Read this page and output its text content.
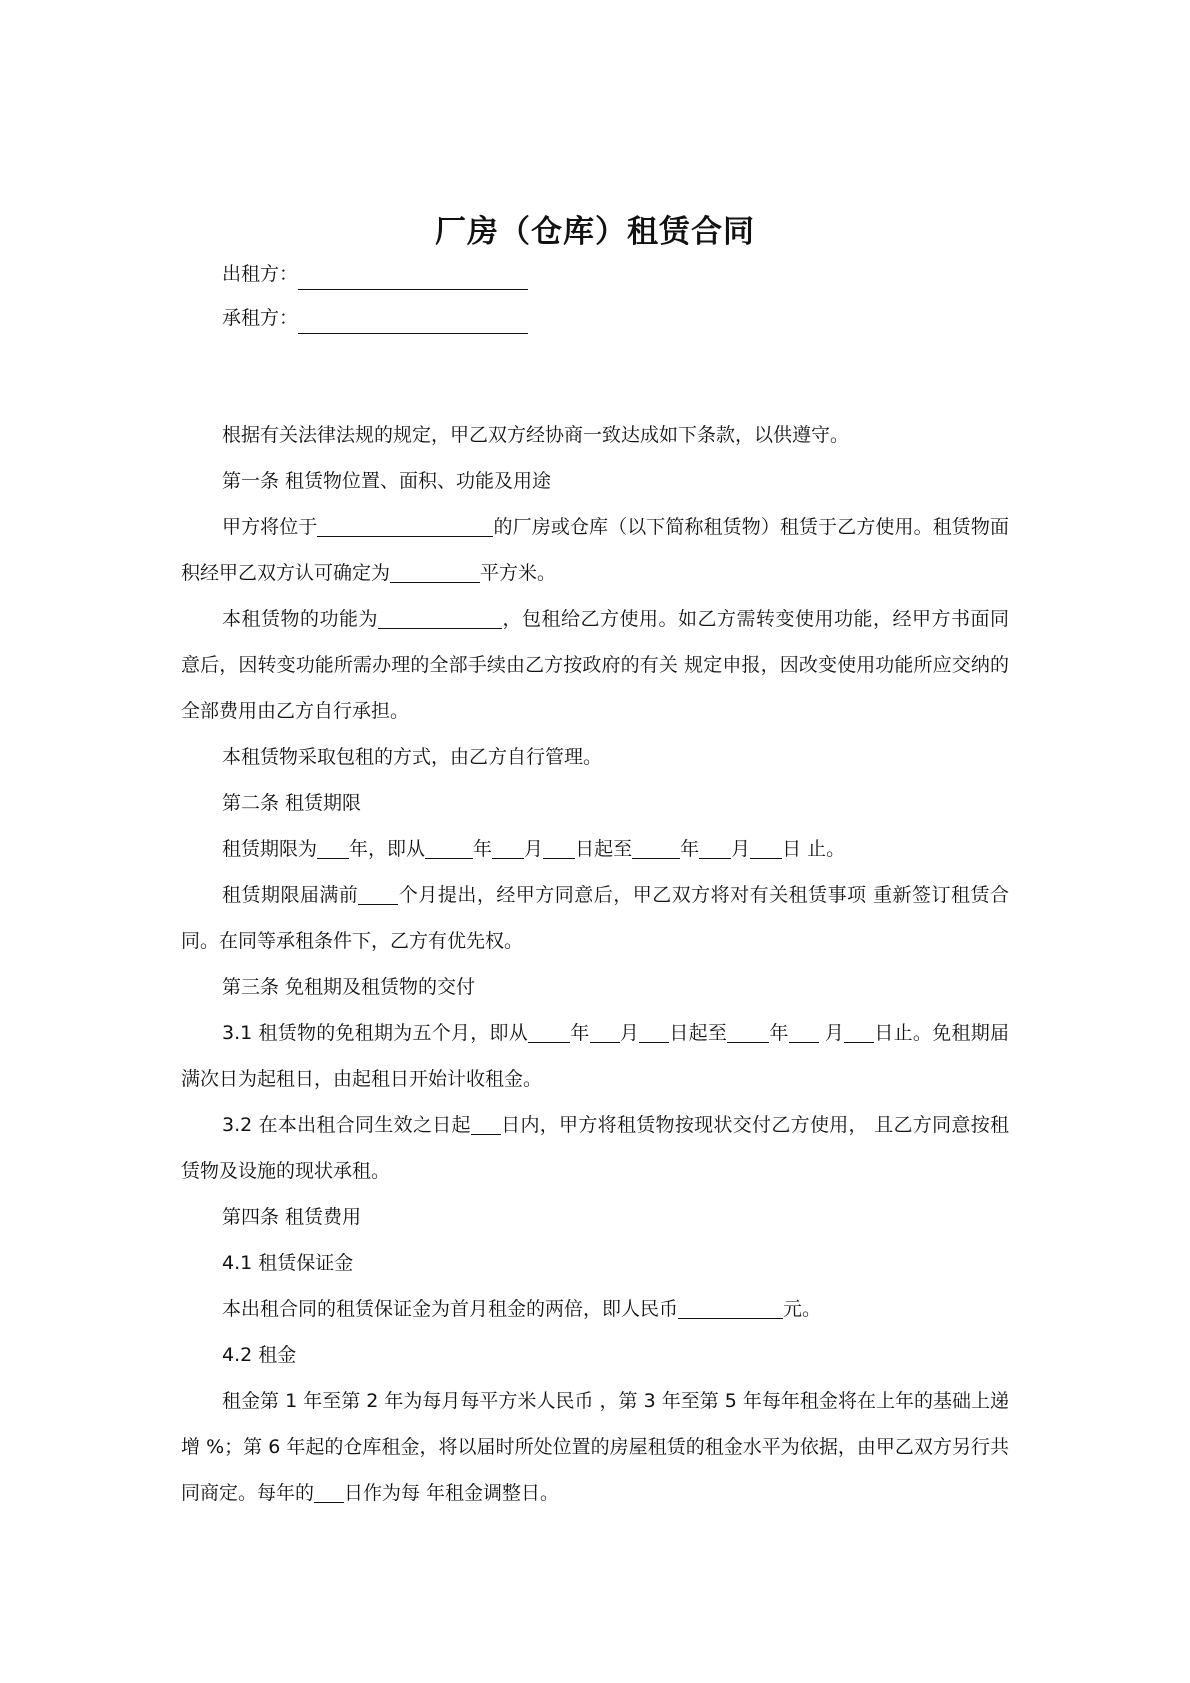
厂房（仓库）租赁合同
出租方：
承租方：

根据有关法律法规的规定，甲乙双方经协商一致达成如下条款，以供遵守。

第一条 租赁物位置、面积、功能及用途

甲方将位于	的厂房或仓库（以下简称租赁物）租赁于乙方使用。租赁物面积经甲乙双方认可确定为	平方米。

本租赁物的功能为	，包租给乙方使用。如乙方需转变使用功能，经甲方书面同意后，因转变功能所需办理的全部手续由乙方按政府的有关 规定申报，因改变使用功能所应交纳的全部费用由乙方自行承担。

本租赁物采取包租的方式，由乙方自行管理。

第二条 租赁期限

租赁期限为 年，即从	年 月 日起至	年 月 日 止。

租赁期限届满前 个月提出，经甲方同意后，甲乙双方将对有关租赁事项 重新签订租赁合同。在同等承租条件下，乙方有优先权。

第三条 免租期及租赁物的交付

3.1 租赁物的免租期为五个月，即从 年 月 日起至 年 月 日止。免租期届满次日为起租日，由起租日开始计收租金。

3.2 在本出租合同生效之日起 日内，甲方将租赁物按现状交付乙方使用， 且乙方同意按租赁物及设施的现状承租。

第四条 租赁费用

4.1 租赁保证金

本出租合同的租赁保证金为首月租金的两倍，即人民币	元。

4.2 租金

租金第 1 年至第 2 年为每月每平方米人民币 ，第 3 年至第 5 年每年租金将在上年的基础上递增 %；第 6 年起的仓库租金，将以届时所处位置的房屋租赁的租金水平为依据，由甲乙双方另行共同商定。每年的 日作为每 年租金调整日。
